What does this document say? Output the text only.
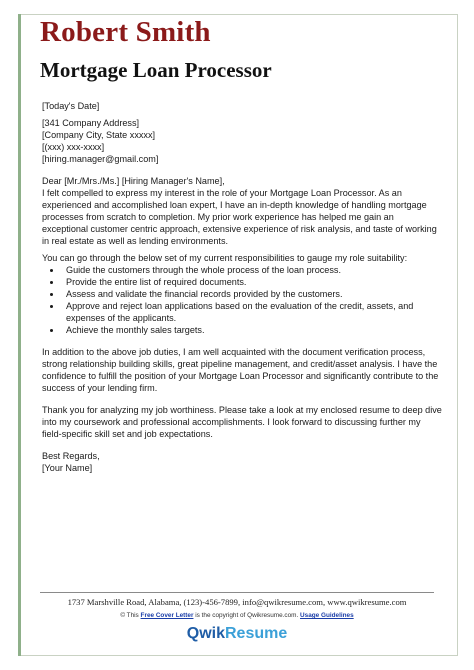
Robert Smith
Mortgage Loan Processor

[Today's Date]

[341 Company Address]

[Company City, State xxxxx]

[(xxx) xxx-xxxx]

[hiring.manager@gmail.com]

Dear [Mr./Mrs./Ms.] [Hiring Manager's Name],

I felt compelled to express my interest in the role of your Mortgage Loan Processor. As an experienced and accomplished loan expert, I have an in-depth knowledge of handling mortgage processes from scratch to completion. My prior work experience has helped me gain an exceptional customer centric approach, extensive experience of risk analysis, and taste of working in real estate as well as lending environments.

You can go through the below set of my current responsibilities to gauge my role suitability:

• Guide the customers through the whole process of the loan process.
• Provide the entire list of required documents.
• Assess and validate the financial records provided by the customers.
• Approve and reject loan applications based on the evaluation of the credit, assets, and expenses of the applicants.
• Achieve the monthly sales targets.

In addition to the above job duties, I am well acquainted with the document verification process, strong relationship building skills, great pipeline management, and credit/asset analysis. I have the confidence to fulfill the position of your Mortgage Loan Processor and significantly contribute to the success of your lending firm.

Thank you for analyzing my job worthiness. Please take a look at my enclosed resume to deep dive into my coursework and professional accomplishments. I look forward to discussing further my field-specific skill set and job expectations.

Best Regards,

[Your Name]

1737 Marshville Road, Alabama, (123)-456-7899, info@qwikresume.com, www.qwikresume.com
© This Free Cover Letter is the copyright of Qwikresume.com. Usage Guidelines
QwikResume
